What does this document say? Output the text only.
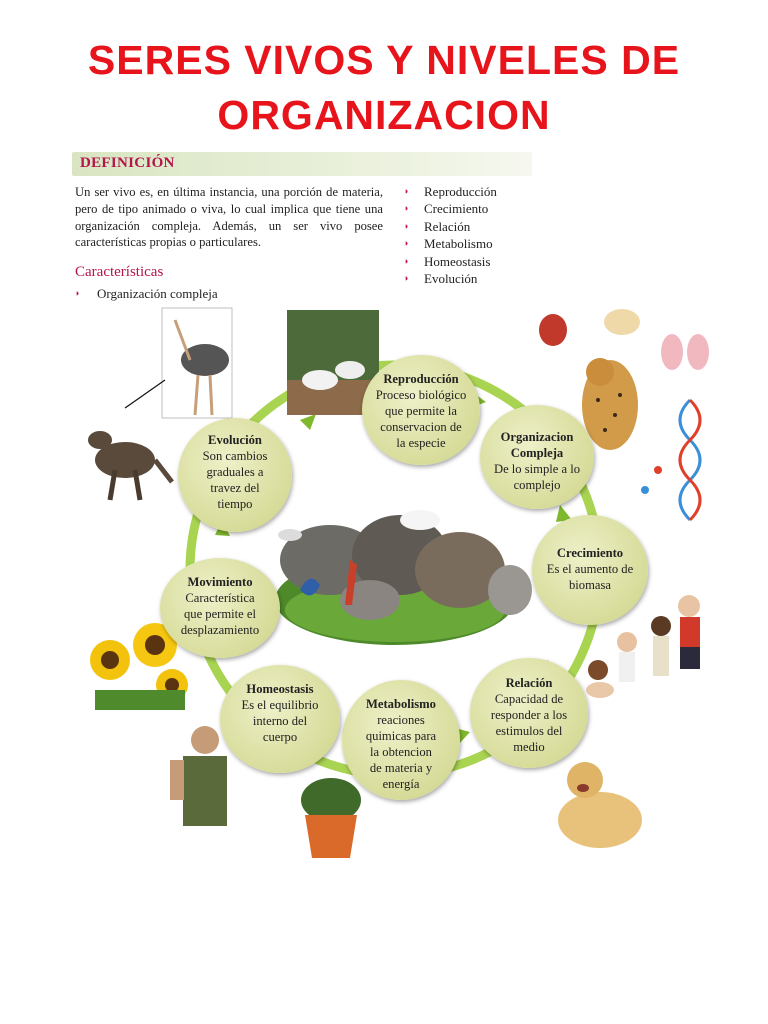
SERES VIVOS Y NIVELES DE
ORGANIZACION
DEFINICIÓN
Un ser vivo es, en última instancia, una porción de materia, pero de tipo animado o viva, lo cual implica que tiene una organización compleja. Además, un ser vivo posee características propias o particulares.
Características
◗ Organización compleja
◗ Reproducción
◗ Crecimiento
◗ Relación
◗ Metabolismo
◗ Homeostasis
◗ Evolución
Reproducción
Proceso biológico
que permite la
conservacion de
la especie	Organizacion
Compleja
De lo simple a lo
complejo
Crecimiento
Es el aumento de
biomasa
Relación
Capacidad de
responder a los
estimulos del
medio
Metabolismo
reaciones
quimicas para
la obtencion
de materia y
energía
Homeostasis
Es el equilibrio
interno del
cuerpo
Movimiento
Característica
que permite el
desplazamiento
Evolución
Son cambios
graduales a
travez del
tiempo
